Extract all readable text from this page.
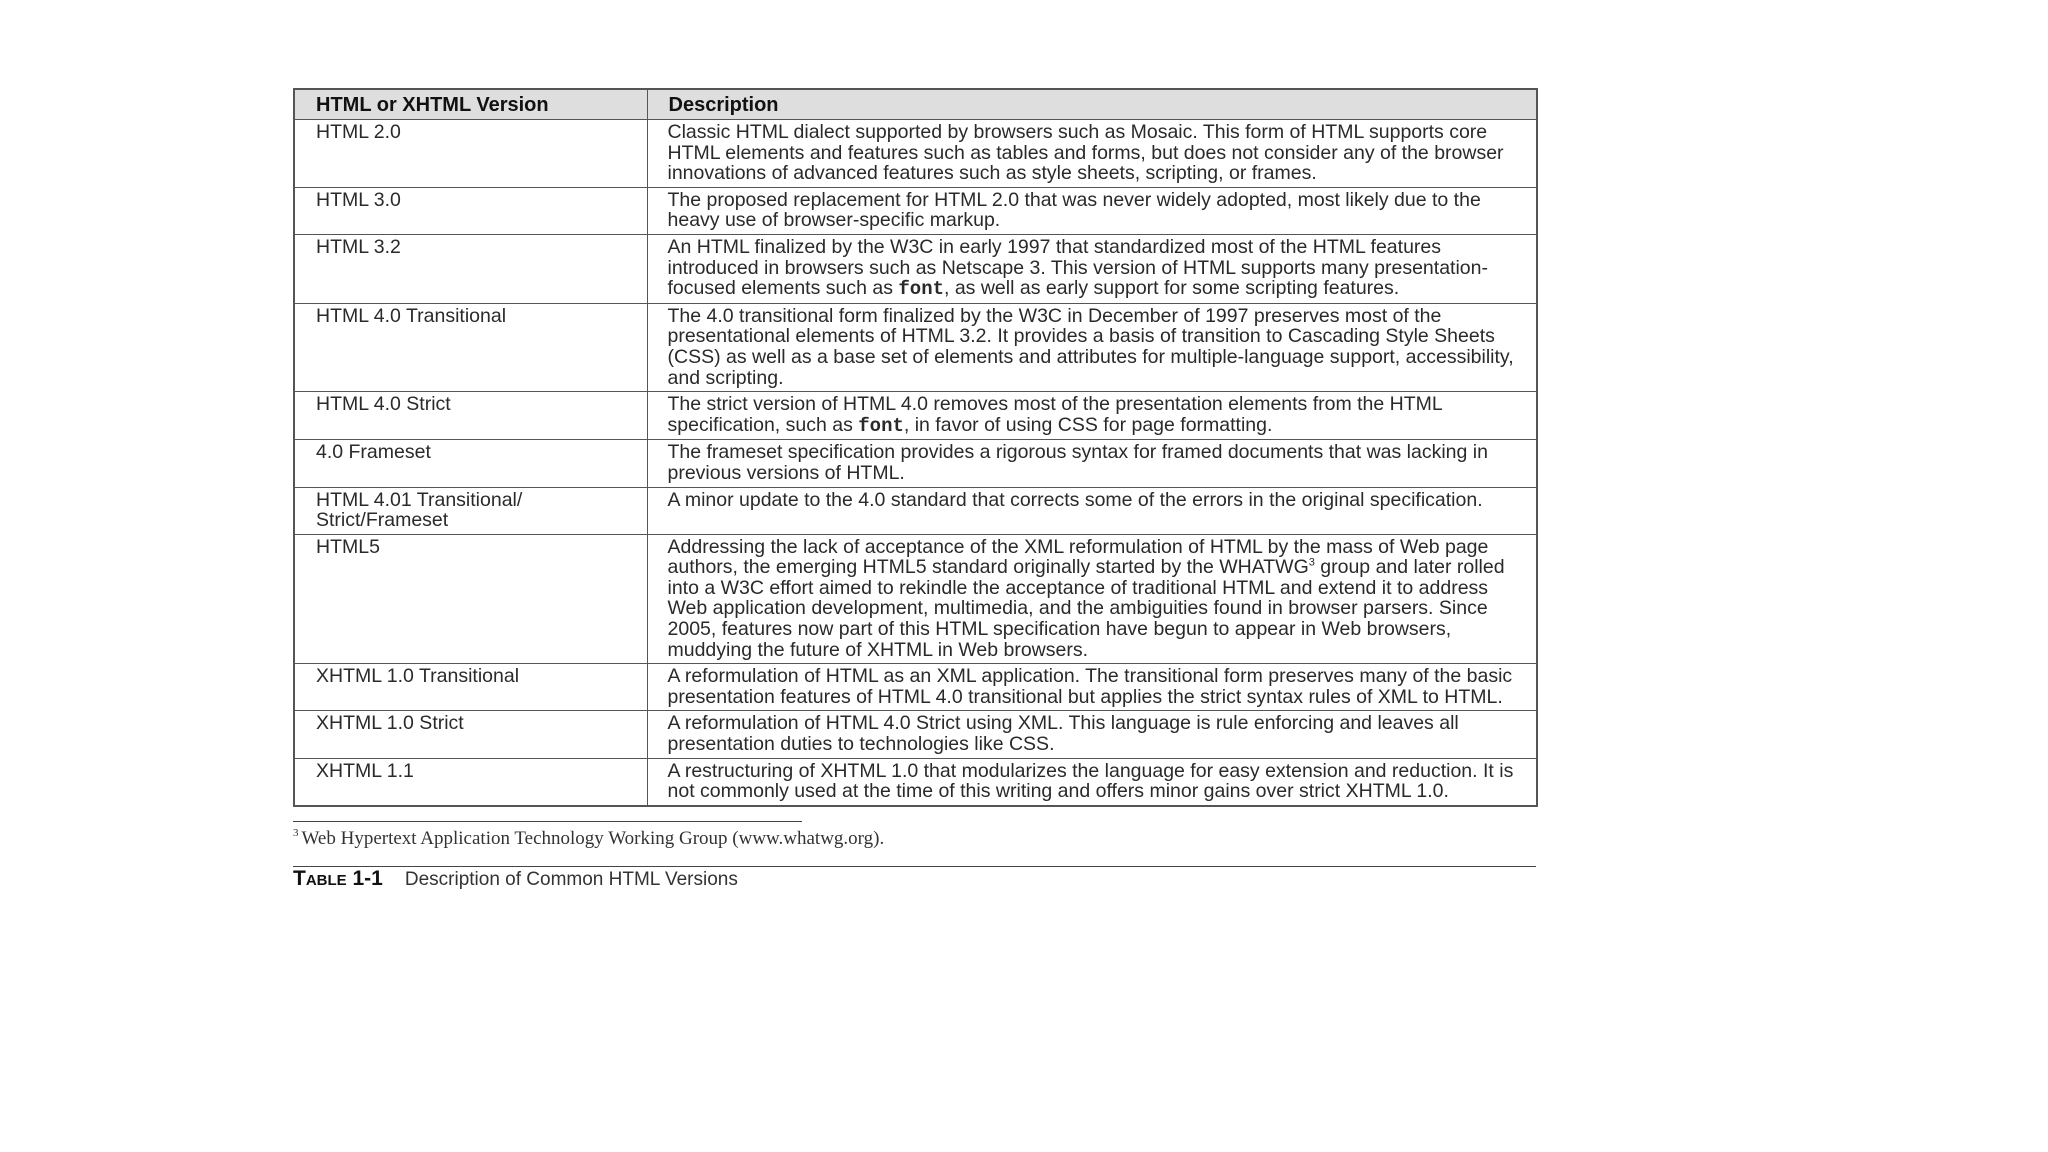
HTML or XHTML Version	Description
HTML 2.0	Classic HTML dialect supported by browsers such as Mosaic. This form of HTML supports core HTML elements and features such as tables and forms, but does not consider any of the browser innovations of advanced features such as style sheets, scripting, or frames.
HTML 3.0	The proposed replacement for HTML 2.0 that was never widely adopted, most likely due to the heavy use of browser-specific markup.
HTML 3.2	An HTML finalized by the W3C in early 1997 that standardized most of the HTML features introduced in browsers such as Netscape 3. This version of HTML supports many presentation-focused elements such as font, as well as early support for some scripting features.
HTML 4.0 Transitional	The 4.0 transitional form finalized by the W3C in December of 1997 preserves most of the presentational elements of HTML 3.2. It provides a basis of transition to Cascading Style Sheets (CSS) as well as a base set of elements and attributes for multiple-language support, accessibility, and scripting.
HTML 4.0 Strict	The strict version of HTML 4.0 removes most of the presentation elements from the HTML specification, such as font, in favor of using CSS for page formatting.
4.0 Frameset	The frameset specification provides a rigorous syntax for framed documents that was lacking in previous versions of HTML.
HTML 4.01 Transitional/ Strict/Frameset	A minor update to the 4.0 standard that corrects some of the errors in the original specification.
HTML5	Addressing the lack of acceptance of the XML reformulation of HTML by the mass of Web page authors, the emerging HTML5 standard originally started by the WHATWG$^3$ group and later rolled into a W3C effort aimed to rekindle the acceptance of traditional HTML and extend it to address Web application development, multimedia, and the ambiguities found in browser parsers. Since 2005, features now part of this HTML specification have begun to appear in Web browsers, muddying the future of XHTML in Web browsers.
XHTML 1.0 Transitional	A reformulation of HTML as an XML application. The transitional form preserves many of the basic presentation features of HTML 4.0 transitional but applies the strict syntax rules of XML to HTML.
XHTML 1.0 Strict	A reformulation of HTML 4.0 Strict using XML. This language is rule enforcing and leaves all presentation duties to technologies like CSS.
XHTML 1.1	A restructuring of XHTML 1.0 that modularizes the language for easy extension and reduction. It is not commonly used at the time of this writing and offers minor gains over strict XHTML 1.0.
$^3$ Web Hypertext Application Technology Working Group (www.whatwg.org).
Table 1-1 Description of Common HTML Versions
